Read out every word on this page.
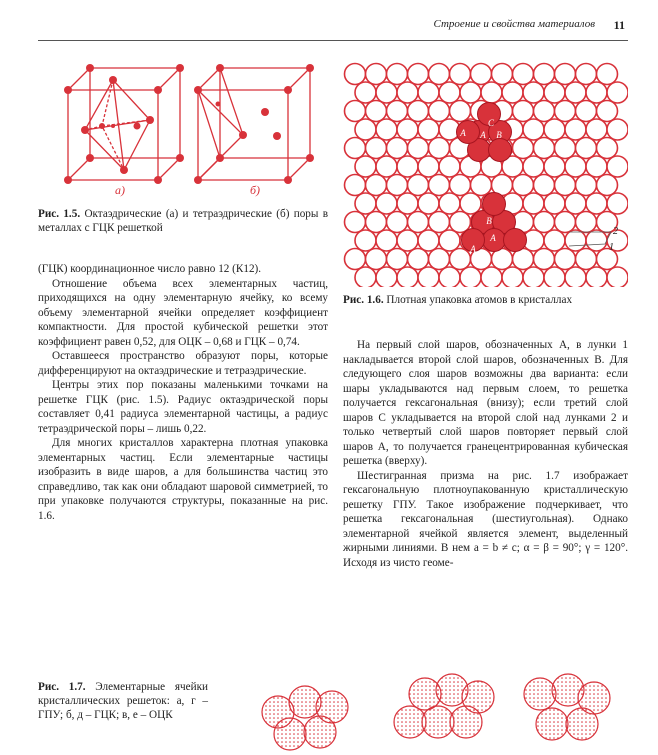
Строение и свойства материалов 11
а)	б)
Рис. 1.5. Октаэдрические (а) и тетраэдрические (б) поры в металлах с ГЦК решеткой
A B
C
A
A
B
A
A
2
1
Рис. 1.6. Плотная упаковка атомов в кристаллах

(ГЦК) координационное число равно 12 (К12).

Отношение объема всех элементарных частиц, приходящихся на одну элементарную ячейку, ко всему объему элементарной ячейки определяет коэффициент компактности. Для простой кубической решетки этот коэффициент равен 0,52, для ОЦК – 0,68 и ГЦК – 0,74.

Оставшееся пространство образуют поры, которые дифференцируют на октаэдрические и тетраэдрические.

Центры этих пор показаны маленькими точками на решетке ГЦК (рис. 1.5). Радиус октаэдрической поры составляет 0,41 радиуса элементарной частицы, а радиус тетраэдрической поры – лишь 0,22.

Для многих кристаллов характерна плотная упаковка элементарных частиц. Если элементарные частицы изобразить в виде шаров, а для большинства частиц это справедливо, так как они обладают шаровой симметрией, то при упаковке получаются структуры, показанные на рис. 1.6.

На первый слой шаров, обозначенных A, в лунки 1 накладывается второй слой шаров, обозначенных B. Для следующего слоя шаров возможны два варианта: если шары укладываются над первым слоем, то решетка получается гексагональная (внизу); если третий слой шаров C укладывается на второй слой над лунками 2 и только четвертый слой шаров повторяет первый слой шаров A, то получается гранецентрированная кубическая решетка (вверху).

Шестигранная призма на рис. 1.7 изображает гексагональную плотноупакованную кристаллическую решетку ГПУ. Такое изображение подчеркивает, что решетка гексагональная (шестиугольная). Однако элементарной ячейкой является элемент, выделенный жирными линиями. В нем a = b ≠ c; α = β = 90°; γ = 120°. Исходя из чисто геоме-

Рис. 1.7. Элементарные ячейки кристаллических решеток: а, г – ГПУ; б, д – ГЦК; в, е – ОЦК
